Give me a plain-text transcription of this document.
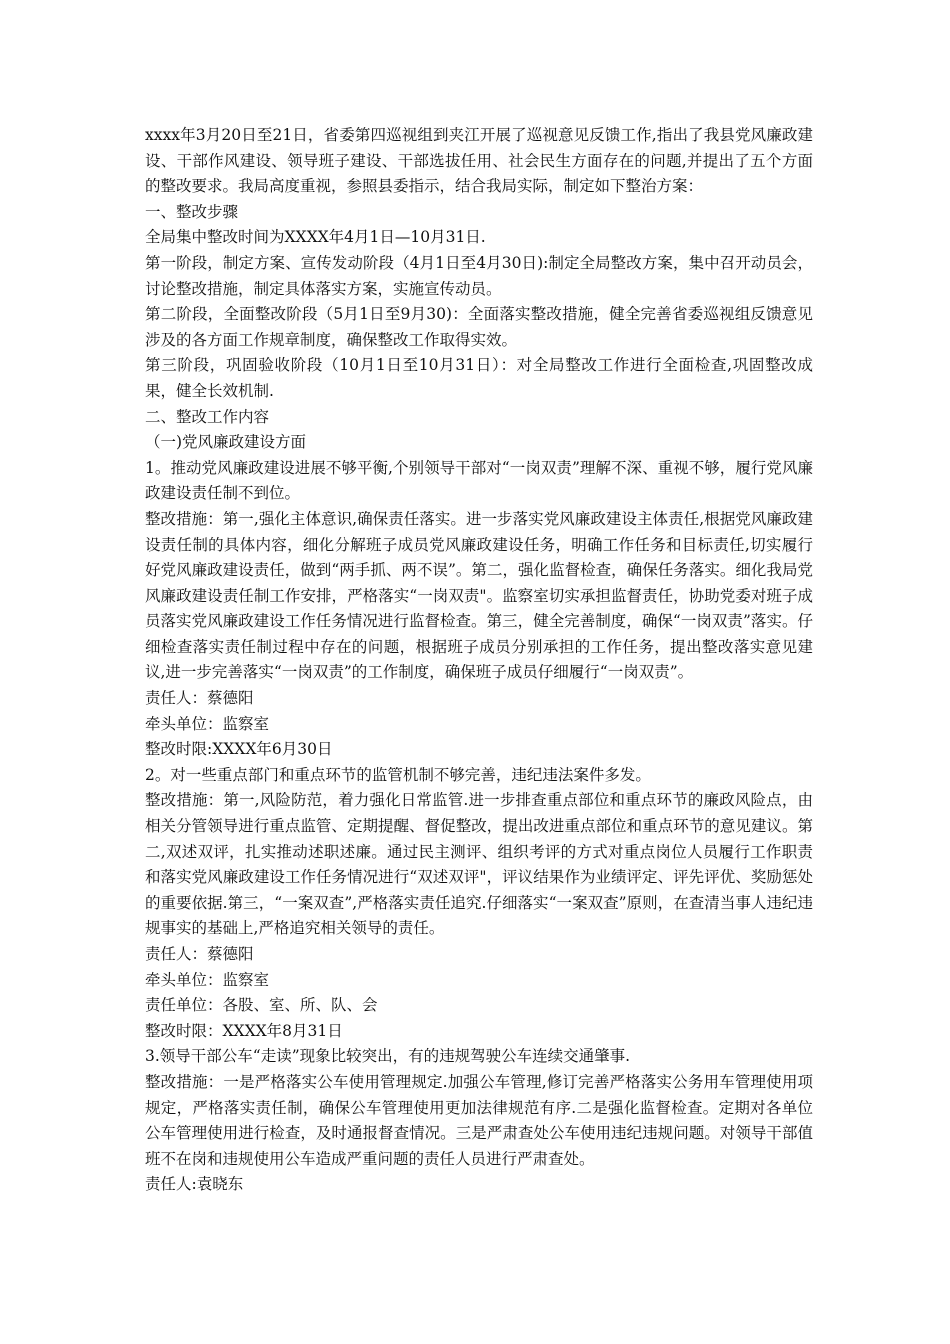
xxxx年3月20日至21日，省委第四巡视组到夹江开展了巡视意见反馈工作,指出了我县党风廉政建设、干部作风建设、领导班子建设、干部选拔任用、社会民生方面存在的问题,并提出了五个方面的整改要求。我局高度重视，参照县委指示，结合我局实际，制定如下整治方案：

一、整改步骤

全局集中整改时间为XXXX年4月1日—10月31日.

第一阶段，制定方案、宣传发动阶段（4月1日至4月30日):制定全局整改方案，集中召开动员会，讨论整改措施，制定具体落实方案，实施宣传动员。

第二阶段，全面整改阶段（5月1日至9月30)：全面落实整改措施，健全完善省委巡视组反馈意见涉及的各方面工作规章制度，确保整改工作取得实效。

第三阶段，巩固验收阶段（10月1日至10月31日）：对全局整改工作进行全面检查,巩固整改成果，健全长效机制.

二、整改工作内容

（一)党风廉政建设方面

1。推动党风廉政建设进展不够平衡,个别领导干部对“一岗双责”理解不深、重视不够，履行党风廉政建设责任制不到位。

整改措施：第一,强化主体意识,确保责任落实。进一步落实党风廉政建设主体责任,根据党风廉政建设责任制的具体内容，细化分解班子成员党风廉政建设任务，明确工作任务和目标责任,切实履行好党风廉政建设责任，做到“两手抓、两不误”。第二，强化监督检查，确保任务落实。细化我局党风廉政建设责任制工作安排，严格落实“一岗双责"。监察室切实承担监督责任，协助党委对班子成员落实党风廉政建设工作任务情况进行监督检查。第三，健全完善制度，确保“一岗双责”落实。仔细检查落实责任制过程中存在的问题，根据班子成员分别承担的工作任务，提出整改落实意见建议,进一步完善落实“一岗双责”的工作制度，确保班子成员仔细履行“一岗双责”。

责任人：蔡德阳

牵头单位：监察室

整改时限:XXXX年6月30日

2。对一些重点部门和重点环节的监管机制不够完善，违纪违法案件多发。

整改措施：第一,风险防范，着力强化日常监管.进一步排查重点部位和重点环节的廉政风险点，由相关分管领导进行重点监管、定期提醒、督促整改，提出改进重点部位和重点环节的意见建议。第二,双述双评，扎实推动述职述廉。通过民主测评、组织考评的方式对重点岗位人员履行工作职责和落实党风廉政建设工作任务情况进行“双述双评"，评议结果作为业绩评定、评先评优、奖励惩处的重要依据.第三，“一案双查”,严格落实责任追究.仔细落实“一案双查”原则，在查清当事人违纪违规事实的基础上,严格追究相关领导的责任。

责任人：蔡德阳

牵头单位：监察室

责任单位：各股、室、所、队、会

整改时限：XXXX年8月31日

3.领导干部公车“走读”现象比较突出，有的违规驾驶公车连续交通肇事.

整改措施：一是严格落实公车使用管理规定.加强公车管理,修订完善严格落实公务用车管理使用项规定，严格落实责任制，确保公车管理使用更加法律规范有序.二是强化监督检查。定期对各单位公车管理使用进行检查，及时通报督查情况。三是严肃查处公车使用违纪违规问题。对领导干部值班不在岗和违规使用公车造成严重问题的责任人员进行严肃查处。

责任人:袁晓东
